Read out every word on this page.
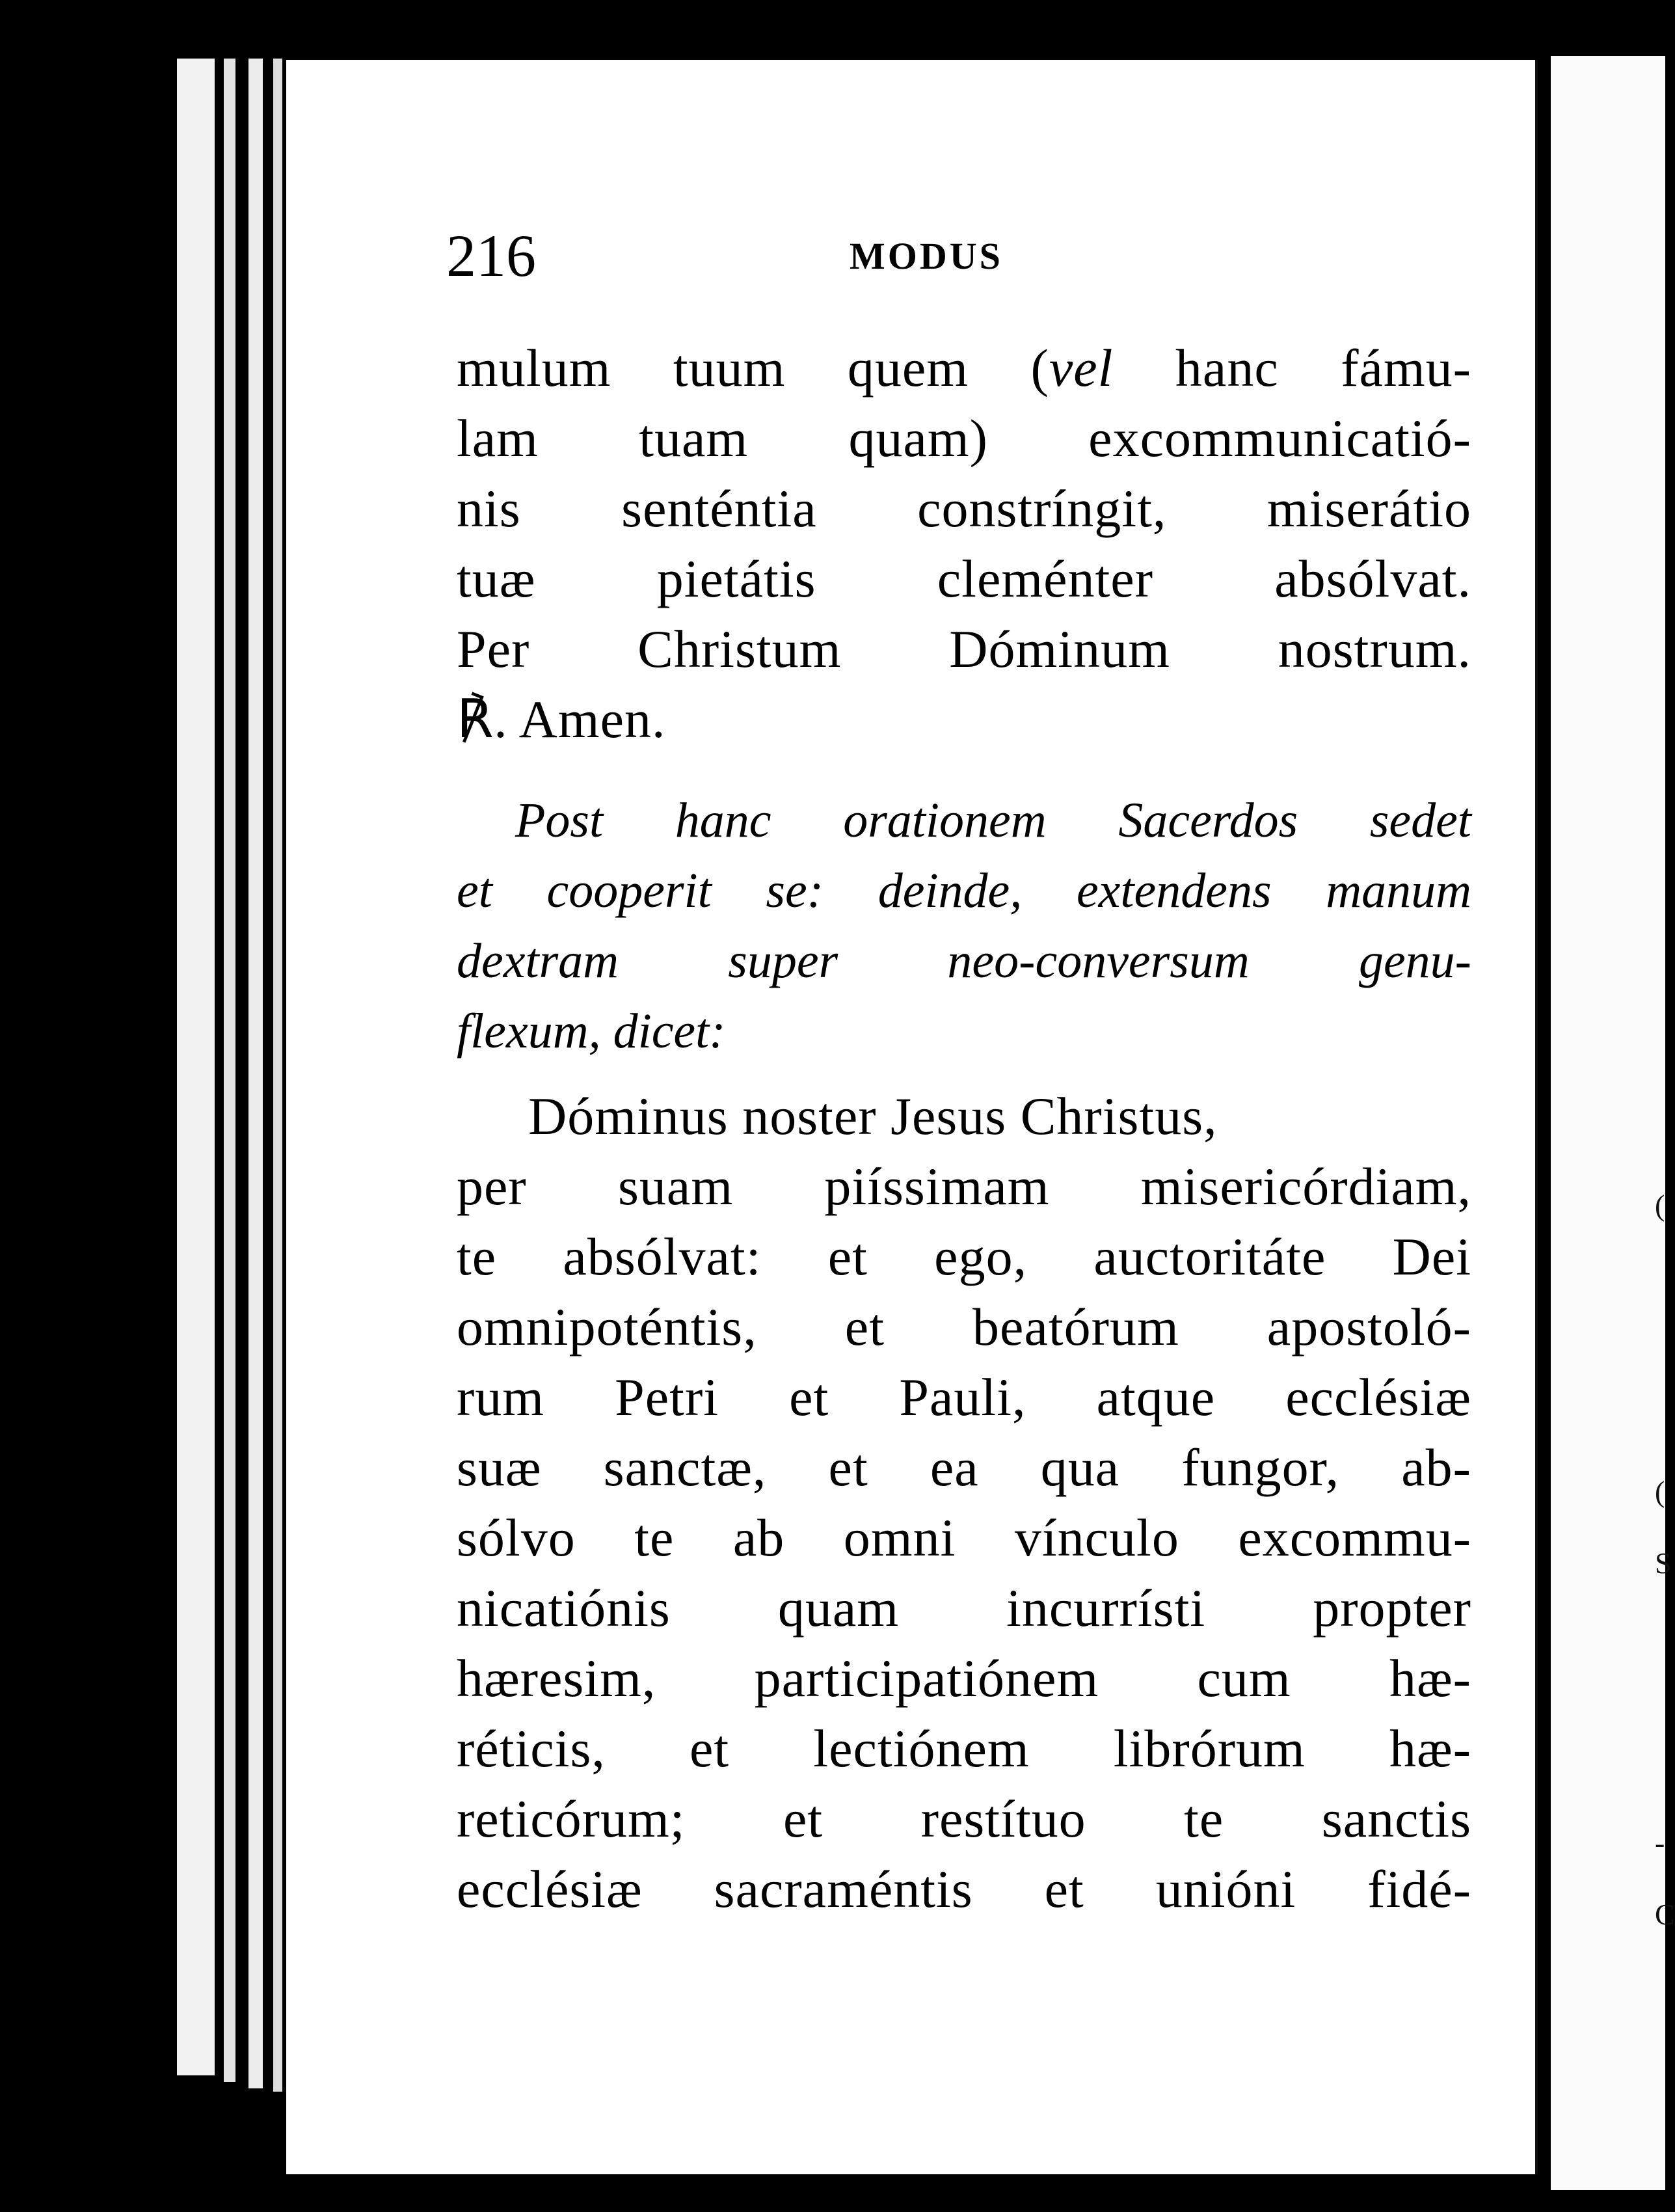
(
(
S
-
C
216	MODUS
mulum tuum quem (vel hanc fámu-
lam tuam quam) excommunicatió-
nis senténtia constríngit, miserátio
tuæ pietátis cleménter absólvat.
Per Christum Dóminum nostrum.
℟. Amen.
Post hanc orationem Sacerdos sedet
et cooperit se: deinde, extendens manum
dextram super neo-conversum genu-
flexum, dicet:
Dóminus noster Jesus Christus,
per suam piíssimam misericórdiam,
te absólvat: et ego, auctoritáte Dei
omnipoténtis, et beatórum apostoló-
rum Petri et Pauli, atque ecclésiæ
suæ sanctæ, et ea qua fungor, ab-
sólvo te ab omni vínculo excommu-
nicatiónis quam incurrísti propter
hæresim, participatiónem cum hæ-
réticis, et lectiónem librórum hæ-
reticórum; et restítuo te sanctis
ecclésiæ sacraméntis et unióni fidé-
